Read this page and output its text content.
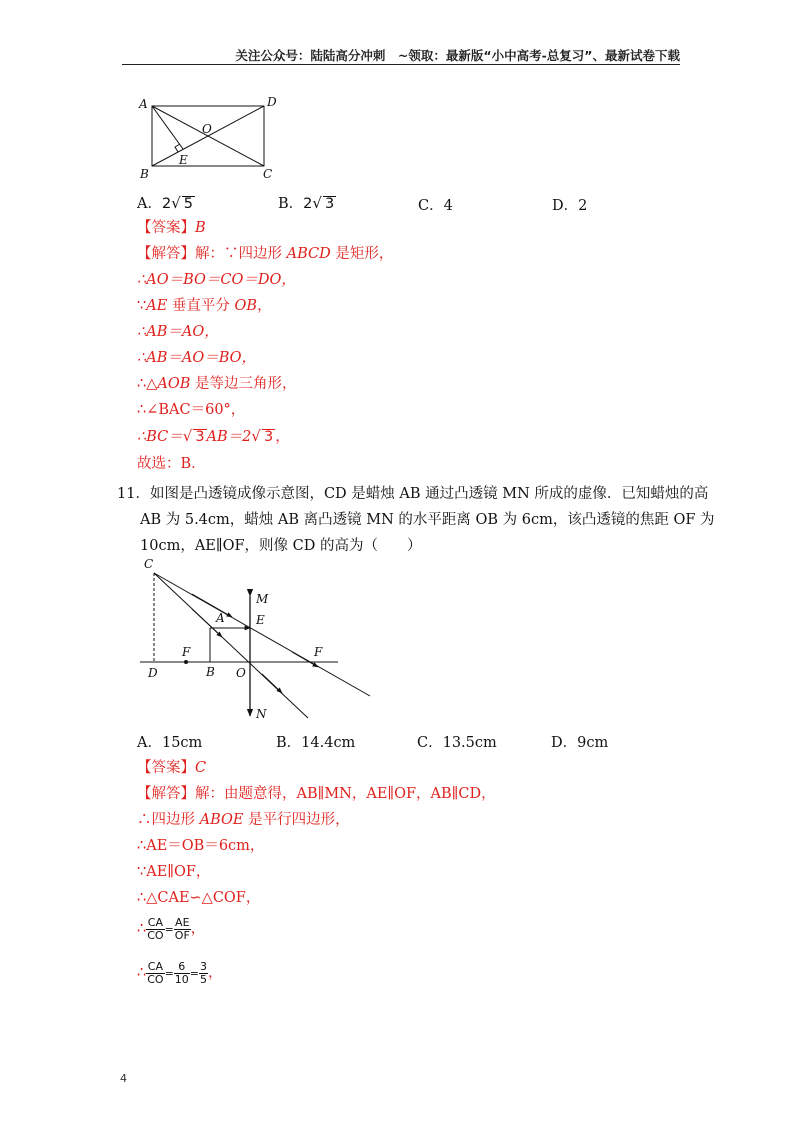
关注公众号：陆陆高分冲刺　~领取：最新版“小中高考-总复习”、最新试卷下载
A	D
O
E
B	C
A．2√ 5	B．2√ 3	C．4	D．2
【答案】B
【解答】解：∵四边形 ABCD 是矩形，
∴AO＝BO＝CO＝DO，
∵AE 垂直平分 OB，
∴AB＝AO，
∴AB＝AO＝BO，
∴△AOB 是等边三角形，
∴∠BAC＝60°，
∴BC＝√ 3 AB＝2√ 3 ，
故选：B．
11．如图是凸透镜成像示意图，CD 是蜡烛 AB 通过凸透镜 MN 所成的虚像．已知蜡烛的高
AB 为 5.4cm，蜡烛 AB 离凸透镜 MN 的水平距离 OB 为 6cm，该凸透镜的焦距 OF 为
10cm，AE∥OF，则像 CD 的高为（　　）
C
M
A	E
F	F
D	B O
N
A．15cm	B．14.4cm	C．13.5cm	D．9cm
【答案】C
【解答】解：由题意得，AB∥MN，AE∥OF，AB∥CD，
∴四边形 ABOE 是平行四边形，
∴AE＝OB＝6cm，
∵AE∥OF，
∴△CAE∽△COF，
∴ $\frac{CA}{CO} = \frac{AE}{OF}$ ，
∴ $\frac{CA}{CO} = \frac{6}{10} = \frac{3}{5}$ ，
4
